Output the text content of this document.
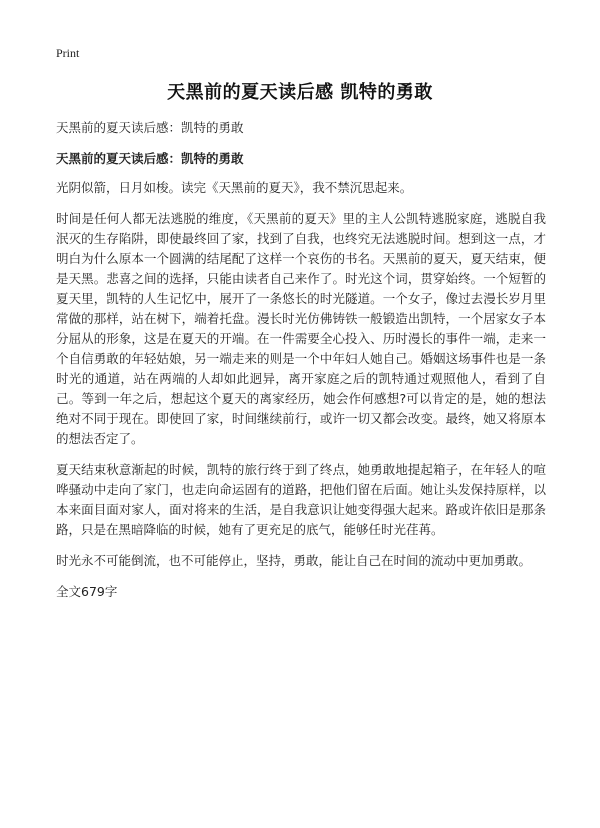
Print
天黑前的夏天读后感 凯特的勇敢

天黑前的夏天读后感：凯特的勇敢

天黑前的夏天读后感：凯特的勇敢

光阴似箭，日月如梭。读完《天黑前的夏天》，我不禁沉思起来。

时间是任何人都无法逃脱的维度，《天黑前的夏天》里的主人公凯特逃脱家庭，逃脱自我泯灭的生存陷阱，即使最终回了家，找到了自我，也终究无法逃脱时间。想到这一点，才明白为什么原本一个圆满的结尾配了这样一个哀伤的书名。天黑前的夏天，夏天结束，便是天黑。悲喜之间的选择，只能由读者自己来作了。时光这个词，贯穿始终。一个短暂的夏天里，凯特的人生记忆中，展开了一条悠长的时光隧道。一个女子，像过去漫长岁月里常做的那样，站在树下，端着托盘。漫长时光仿佛铸铁一般锻造出凯特，一个居家女子本分屈从的形象，这是在夏天的开端。在一件需要全心投入、历时漫长的事件一端，走来一个自信勇敢的年轻姑娘，另一端走来的则是一个中年妇人她自己。婚姻这场事件也是一条时光的通道，站在两端的人却如此迥异，离开家庭之后的凯特通过观照他人，看到了自己。等到一年之后，想起这个夏天的离家经历，她会作何感想?可以肯定的是，她的想法绝对不同于现在。即使回了家，时间继续前行，或许一切又都会改变。最终，她又将原本的想法否定了。

夏天结束秋意渐起的时候，凯特的旅行终于到了终点，她勇敢地提起箱子，在年轻人的喧哗骚动中走向了家门，也走向命运固有的道路，把他们留在后面。她让头发保持原样，以本来面目面对家人，面对将来的生活，是自我意识让她变得强大起来。路或许依旧是那条路，只是在黑暗降临的时候，她有了更充足的底气，能够任时光荏苒。

时光永不可能倒流，也不可能停止，坚持，勇敢，能让自己在时间的流动中更加勇敢。

全文679字
